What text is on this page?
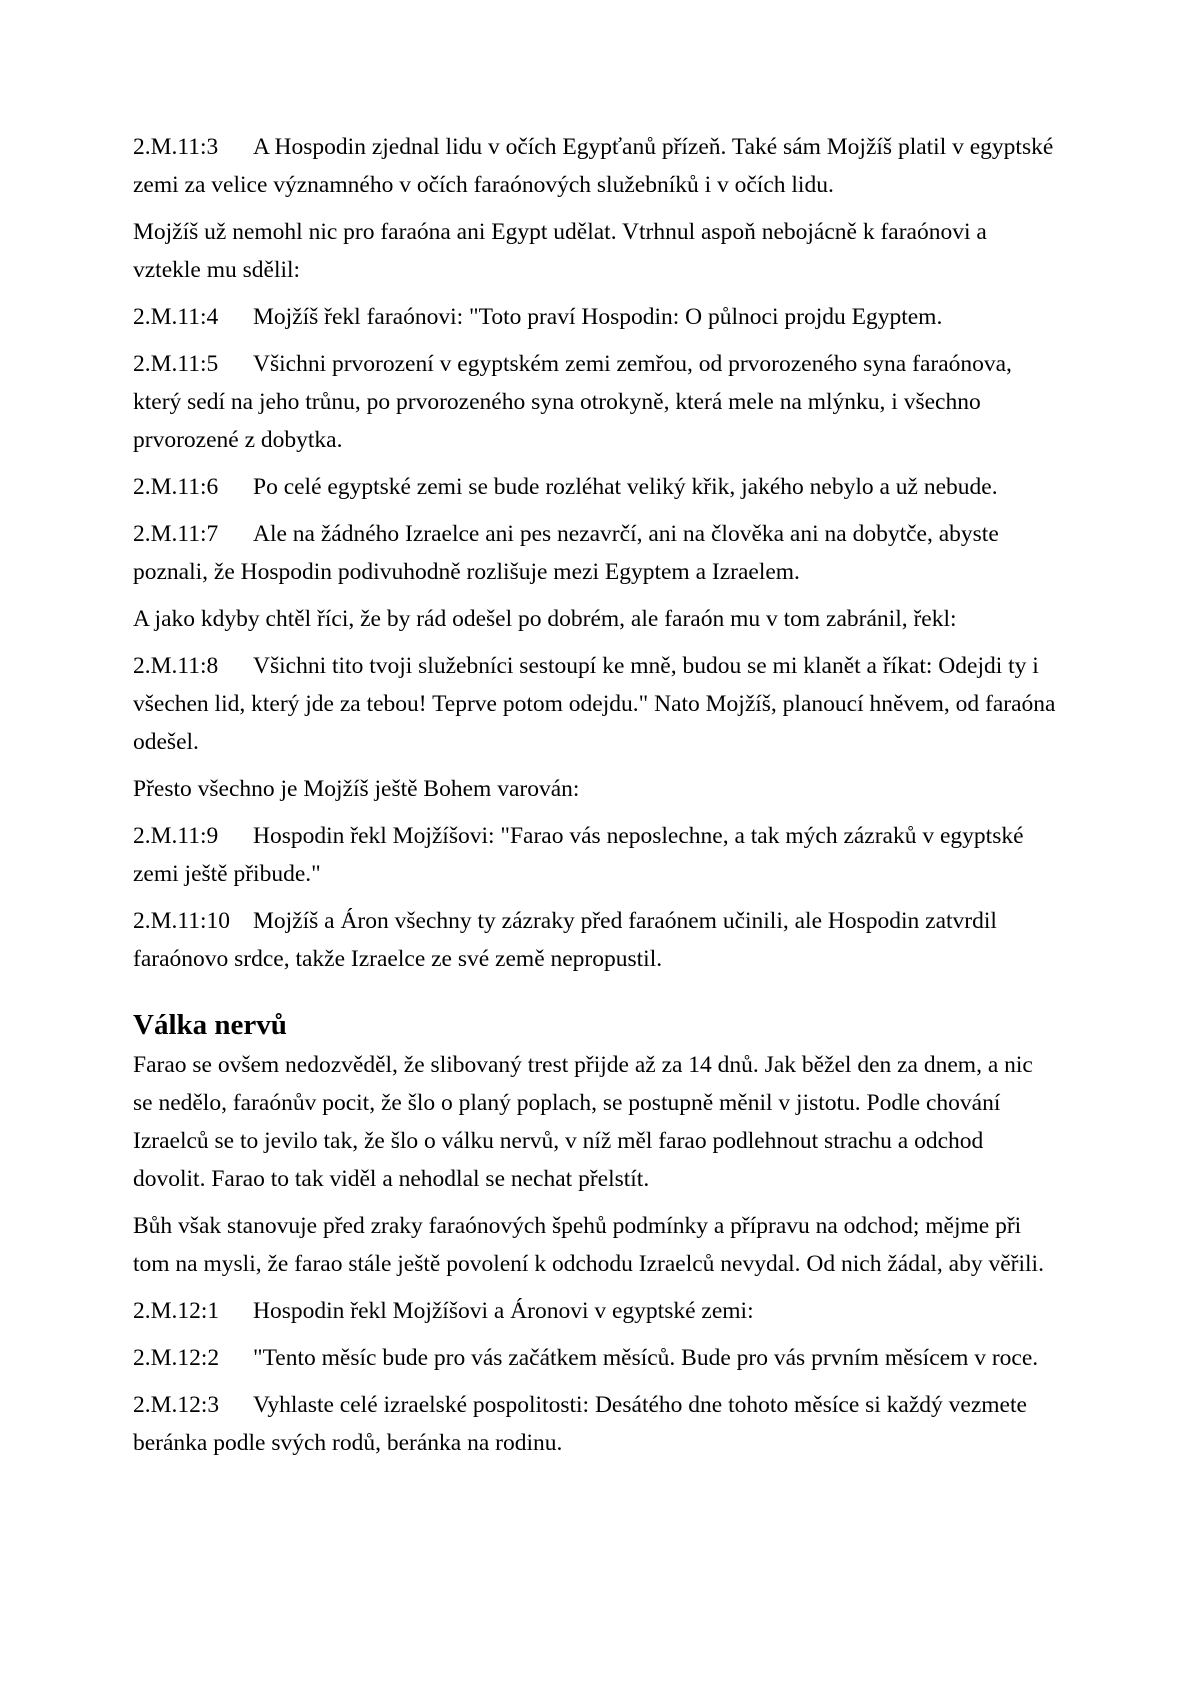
2.M.11:3 A Hospodin zjednal lidu v očích Egypťanů přízeň. Také sám Mojžíš platil v egyptské zemi za velice významného v očích faraónových služebníků i v očích lidu.

Mojžíš už nemohl nic pro faraóna ani Egypt udělat. Vtrhnul aspoň nebojácně k faraónovi a vztekle mu sdělil:

2.M.11:4 Mojžíš řekl faraónovi: "Toto praví Hospodin: O půlnoci projdu Egyptem.

2.M.11:5 Všichni prvorození v egyptském zemi zemřou, od prvorozeného syna faraónova, který sedí na jeho trůnu, po prvorozeného syna otrokyně, která mele na mlýnku, i všechno prvorozené z dobytka.

2.M.11:6 Po celé egyptské zemi se bude rozléhat veliký křik, jakého nebylo a už nebude.

2.M.11:7 Ale na žádného Izraelce ani pes nezavrčí, ani na člověka ani na dobytče, abyste poznali, že Hospodin podivuhodně rozlišuje mezi Egyptem a Izraelem.

A jako kdyby chtěl říci, že by rád odešel po dobrém, ale faraón mu v tom zabránil, řekl:

2.M.11:8 Všichni tito tvoji služebníci sestoupí ke mně, budou se mi klanět a říkat: Odejdi ty i všechen lid, který jde za tebou! Teprve potom odejdu." Nato Mojžíš, planoucí hněvem, od faraóna odešel.

Přesto všechno je Mojžíš ještě Bohem varován:

2.M.11:9 Hospodin řekl Mojžíšovi: "Farao vás neposlechne, a tak mých zázraků v egyptské zemi ještě přibude."

2.M.11:10 Mojžíš a Áron všechny ty zázraky před faraónem učinili, ale Hospodin zatvrdil faraónovo srdce, takže Izraelce ze své země nepropustil.

Válka nervů

Farao se ovšem nedozvěděl, že slibovaný trest přijde až za 14 dnů. Jak běžel den za dnem, a nic se nedělo, faraónův pocit, že šlo o planý poplach, se postupně měnil v jistotu. Podle chování Izraelců se to jevilo tak, že šlo o válku nervů, v níž měl farao podlehnout strachu a odchod dovolit. Farao to tak viděl a nehodlal se nechat přelstít.

Bůh však stanovuje před zraky faraónových špehů podmínky a přípravu na odchod; mějme při tom na mysli, že farao stále ještě povolení k odchodu Izraelců nevydal. Od nich žádal, aby věřili.

2.M.12:1 Hospodin řekl Mojžíšovi a Áronovi v egyptské zemi:

2.M.12:2 "Tento měsíc bude pro vás začátkem měsíců. Bude pro vás prvním měsícem v roce.

2.M.12:3 Vyhlaste celé izraelské pospolitosti: Desátého dne tohoto měsíce si každý vezmete beránka podle svých rodů, beránka na rodinu.
